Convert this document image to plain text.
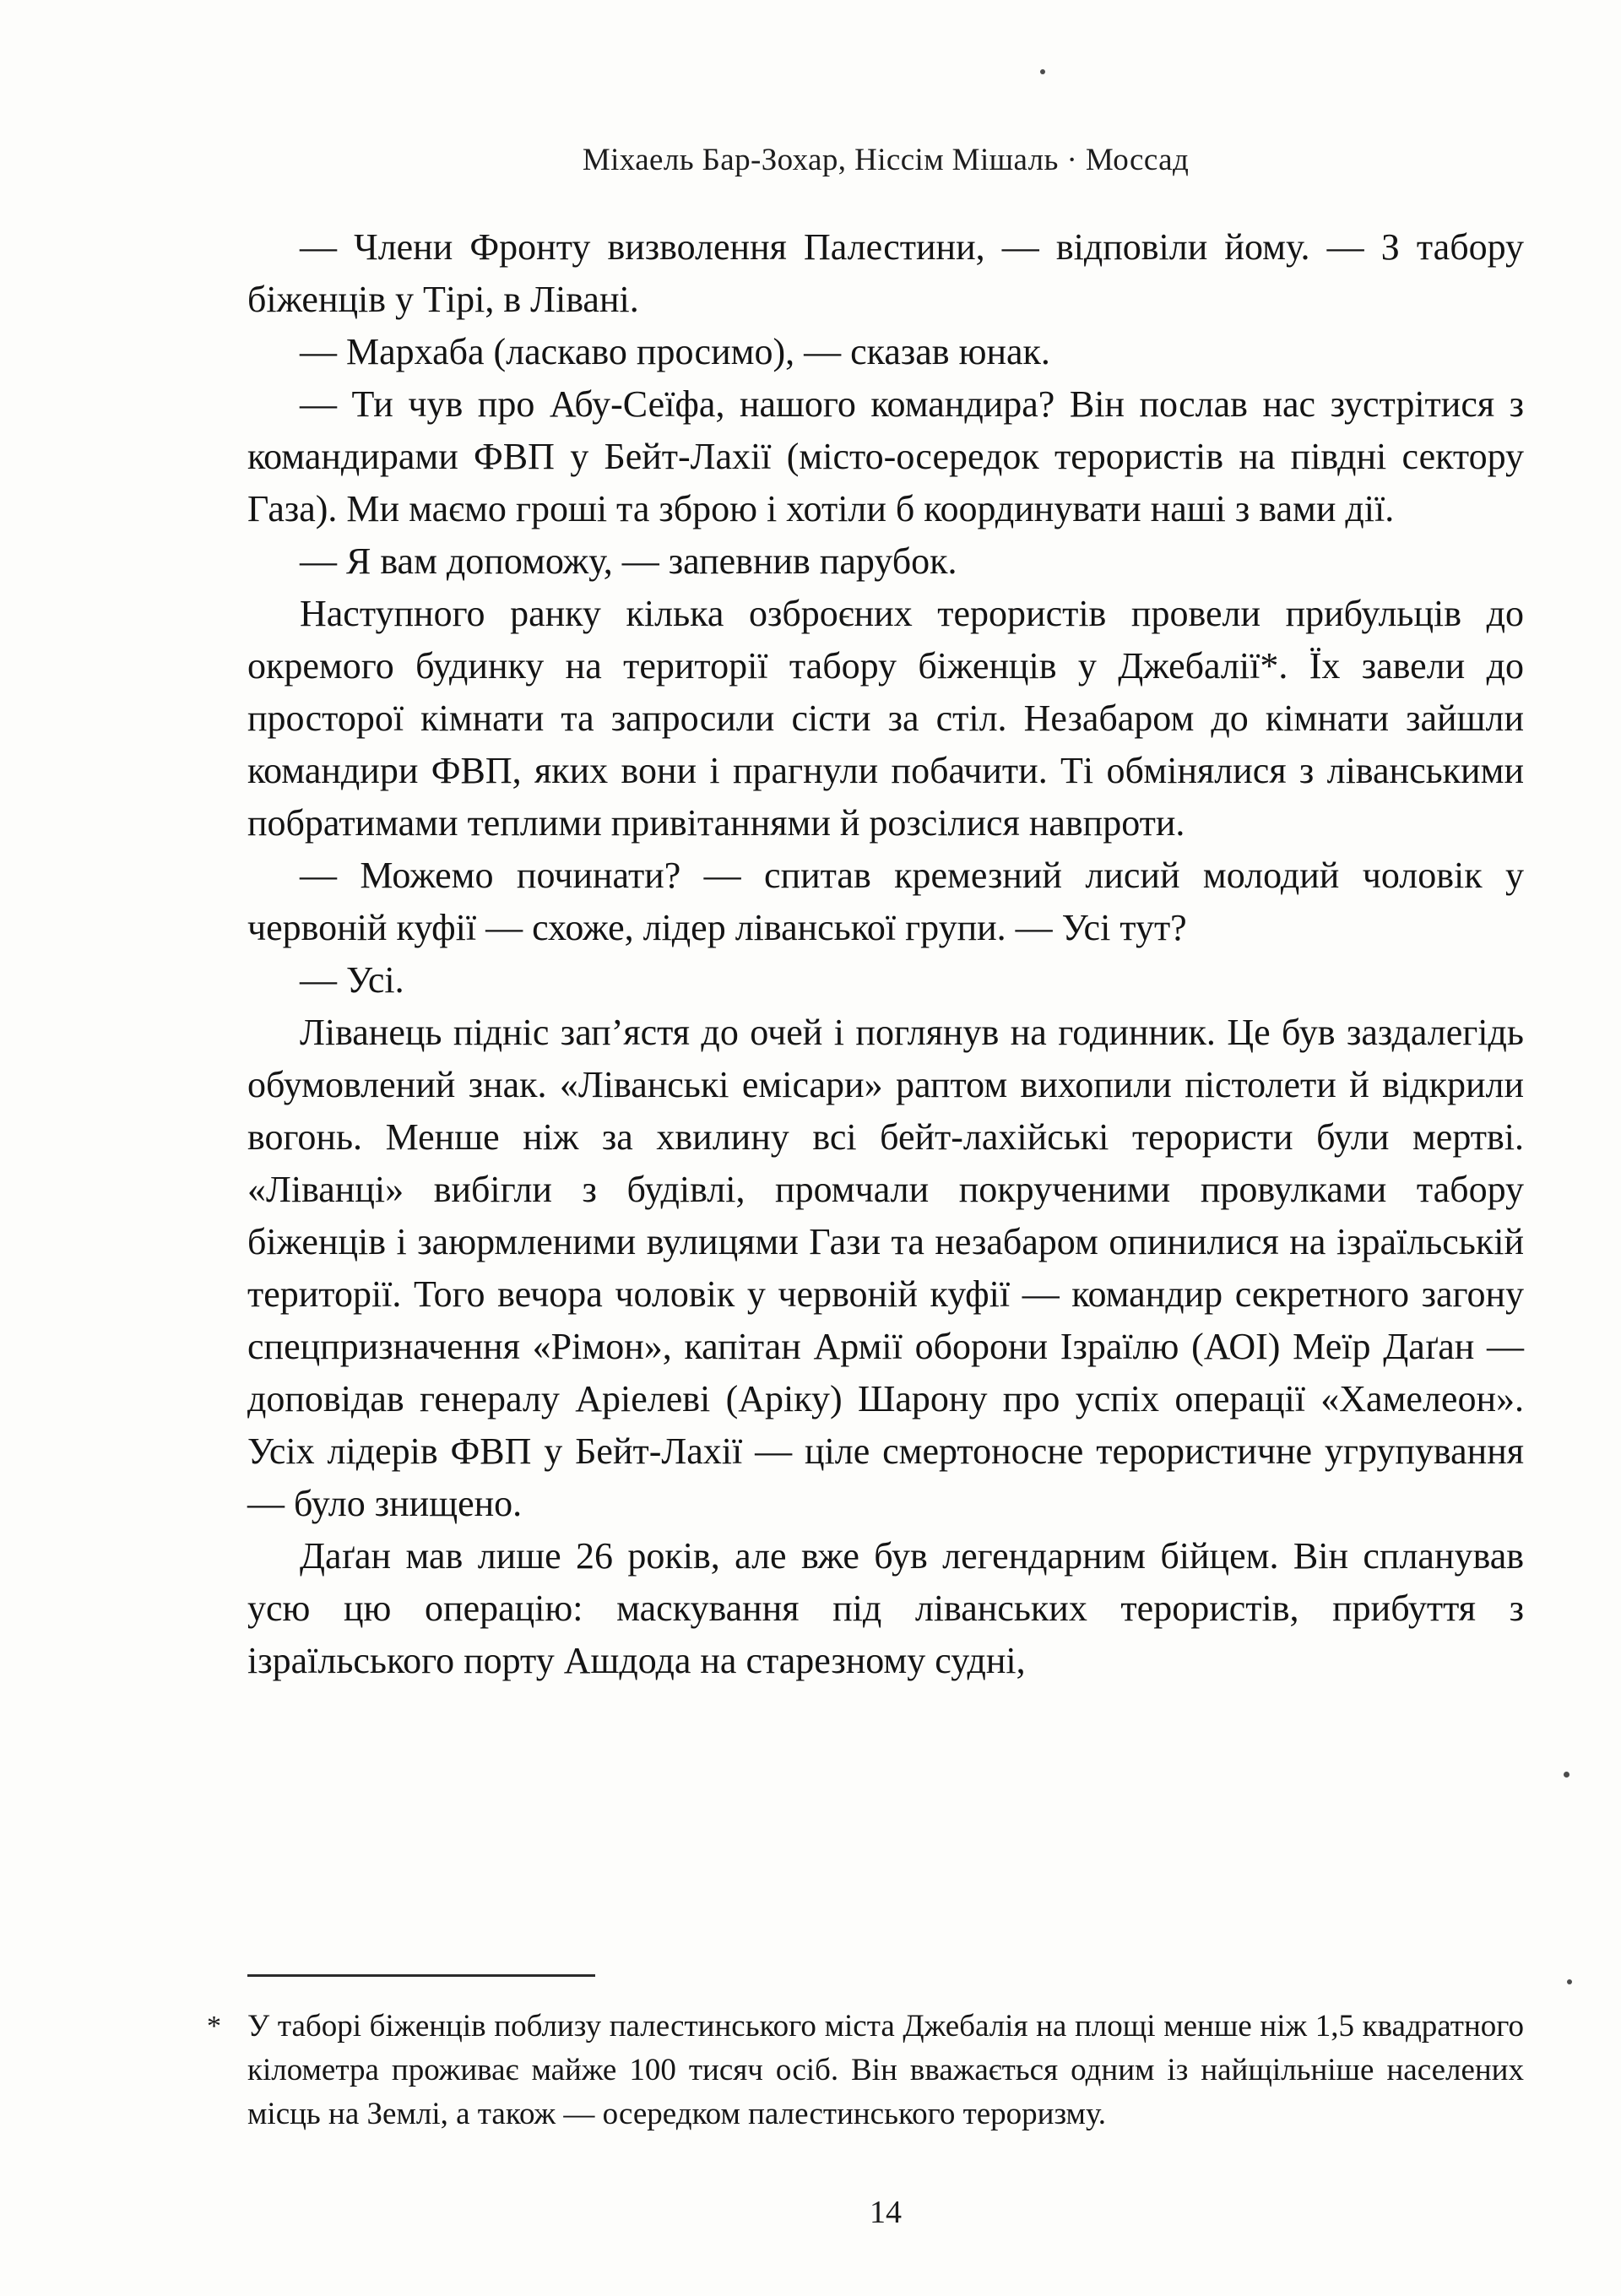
Міхаель Бар-Зохар, Ніссім Мішаль · Моссад

— Члени Фронту визволення Палестини, — відповіли йому. — З табору біженців у Тірі, в Лівані.

— Мархаба (ласкаво просимо), — сказав юнак.

— Ти чув про Абу-Сеїфа, нашого командира? Він послав нас зустрітися з командирами ФВП у Бейт-Лахії (місто-осередок терористів на півдні сектору Газа). Ми маємо гроші та зброю і хотіли б координувати наші з вами дії.

— Я вам допоможу, — запевнив парубок.

Наступного ранку кілька озброєних терористів провели прибульців до окремого будинку на території табору біженців у Джебалії*. Їх завели до просторої кімнати та запросили сісти за стіл. Незабаром до кімнати зайшли командири ФВП, яких вони і прагнули побачити. Ті обмінялися з ліванськими побратимами теплими привітаннями й розсілися навпроти.

— Можемо починати? — спитав кремезний лисий молодий чоловік у червоній куфії — схоже, лідер ліванської групи. — Усі тут?

— Усі.

Ліванець підніс зап’ястя до очей і поглянув на годинник. Це був заздалегідь обумовлений знак. «Ліванські емісари» раптом вихопили пістолети й відкрили вогонь. Менше ніж за хвилину всі бейт-лахійські терористи були мертві. «Ліванці» вибігли з будівлі, промчали покрученими провулками табору біженців і заюрмленими вулицями Гази та незабаром опинилися на ізраїльській території. Того вечора чоловік у червоній куфії — командир секретного загону спецпризначення «Рімон», капітан Армії оборони Ізраїлю (АОІ) Меїр Даґан — доповідав генералу Аріелеві (Аріку) Шарону про успіх операції «Хамелеон». Усіх лідерів ФВП у Бейт-Лахії — ціле смертоносне терористичне угрупування — було знищено.

Даґан мав лише 26 років, але вже був легендарним бійцем. Він спланував усю цю операцію: маскування під ліванських терористів, прибуття з ізраїльського порту Ашдода на старезному судні,

* У таборі біженців поблизу палестинського міста Джебалія на площі менше ніж 1,5 квадратного кілометра проживає майже 100 тисяч осіб. Він вважається одним із найщільніше населених місць на Землі, а також — осередком палестинського тероризму.
14
